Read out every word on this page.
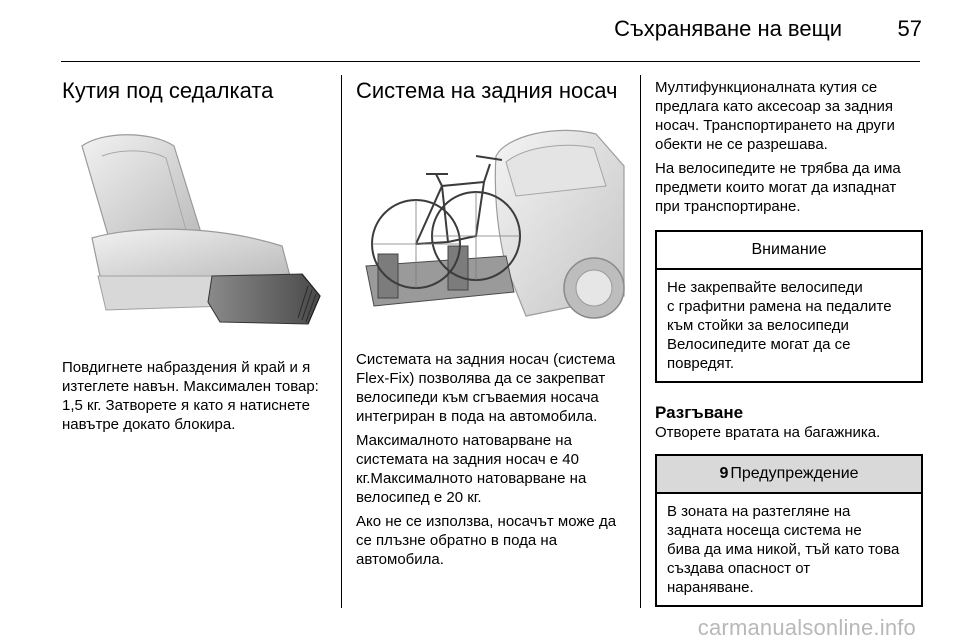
Съхраняване на вещи	57
Кутия под седалката

Повдигнете набраздения й край и я изтеглете навън. Максимален товар: 1,5 кг. Затворете я като я натиснете навътре докато блокира.

Система на задния носач

Системата на задния носач (система Flex-Fix) позволява да се закрепват велосипеди към сгъваемия носача интегриран в пода на автомобила.

Максималното натоварване на системата на задния носач е 40 кг.Максималното натоварване на велосипед е 20 кг.

Ако не се използва, носачът може да се плъзне обратно в пода на автомобила.

Мултифункционалната кутия се предлага като аксесоар за задния носач. Транспортирането на други обекти не се разрешава.

На велосипедите не трябва да има предмети които могат да изпаднат при транспортиране.

Внимание

Не закрепвайте велосипеди

с графитни рамена на педалите

към стойки за велосипеди

Велосипедите могат да се

повредят.

Разгъване

Отворете вратата на багажника.

9 Предупреждение

В зоната на разтегляне на

задната носеща система не

бива да има никой, тъй като това

създава опасност от

нараняване.

carmanualsonline.info
